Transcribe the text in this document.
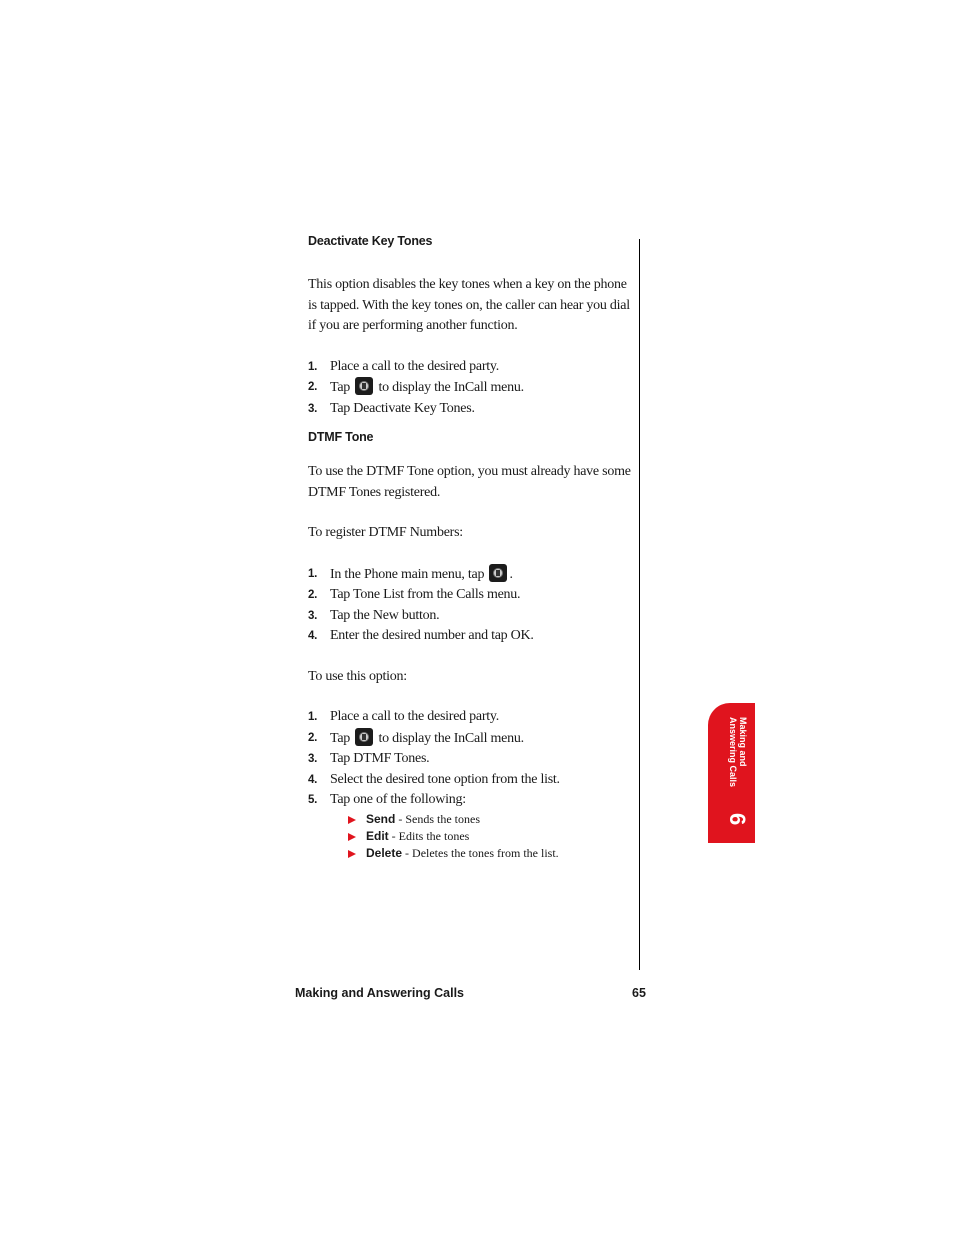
Deactivate Key Tones

This option disables the key tones when a key on the phone is tapped. With the key tones on, the caller can hear you dial if you are performing another function.

1. Place a call to the desired party.
2. Tap to display the InCall menu.
3. Tap Deactivate Key Tones.
DTMF Tone

To use the DTMF Tone option, you must already have some DTMF Tones registered.

To register DTMF Numbers:

1. In the Phone main menu, tap .
2. Tap Tone List from the Calls menu.
3. Tap the New button.
4. Enter the desired number and tap OK.

To use this option:

1. Place a call to the desired party.
2. Tap to display the InCall menu.
3. Tap DTMF Tones.
4. Select the desired tone option from the list.
5. Tap one of the following:
Send - Sends the tones
Edit - Edits the tones
Delete - Deletes the tones from the list.
Making and
Answering Calls
6
Making and Answering Calls	65
